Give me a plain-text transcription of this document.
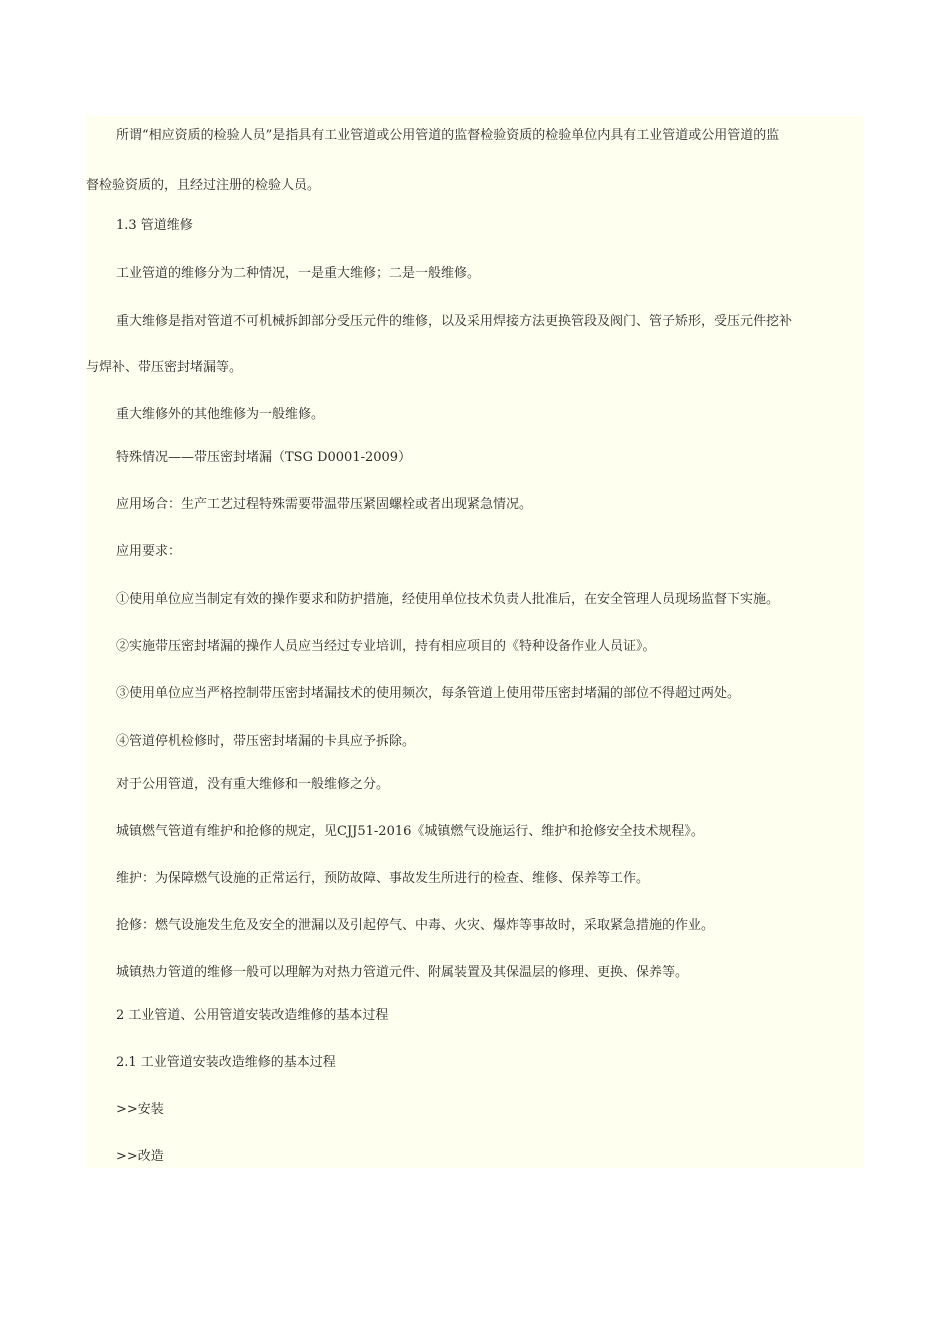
所谓“相应资质的检验人员”是指具有工业管道或公用管道的监督检验资质的检验单位内具有工业管道或公用管道的监
督检验资质的，且经过注册的检验人员。
1.3 管道维修
工业管道的维修分为二种情况，一是重大维修；二是一般维修。
重大维修是指对管道不可机械拆卸部分受压元件的维修，以及采用焊接方法更换管段及阀门、管子矫形，受压元件挖补
与焊补、带压密封堵漏等。
重大维修外的其他维修为一般维修。
特殊情况——带压密封堵漏（TSG D0001-2009）
应用场合：生产工艺过程特殊需要带温带压紧固螺栓或者出现紧急情况。
应用要求：
①使用单位应当制定有效的操作要求和防护措施，经使用单位技术负责人批准后，在安全管理人员现场监督下实施。
②实施带压密封堵漏的操作人员应当经过专业培训，持有相应项目的《特种设备作业人员证》。
③使用单位应当严格控制带压密封堵漏技术的使用频次，每条管道上使用带压密封堵漏的部位不得超过两处。
④管道停机检修时，带压密封堵漏的卡具应予拆除。
对于公用管道，没有重大维修和一般维修之分。
城镇燃气管道有维护和抢修的规定，见CJJ51-2016《城镇燃气设施运行、维护和抢修安全技术规程》。
维护：为保障燃气设施的正常运行，预防故障、事故发生所进行的检查、维修、保养等工作。
抢修：燃气设施发生危及安全的泄漏以及引起停气、中毒、火灾、爆炸等事故时，采取紧急措施的作业。
城镇热力管道的维修一般可以理解为对热力管道元件、附属装置及其保温层的修理、更换、保养等。
2 工业管道、公用管道安装改造维修的基本过程
2.1 工业管道安装改造维修的基本过程
>>安装
>>改造
